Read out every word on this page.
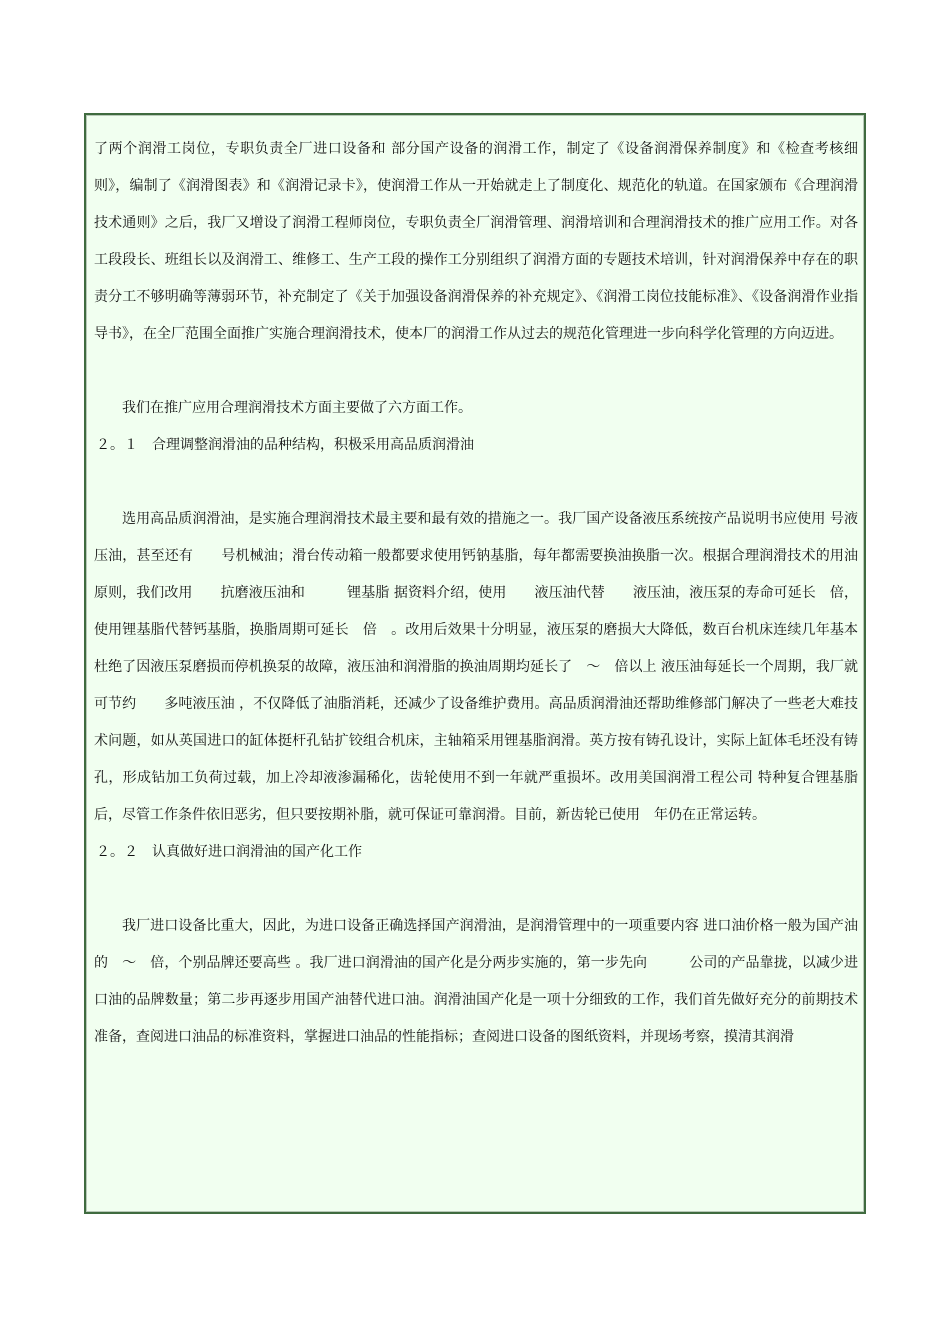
了两个润滑工岗位，专职负责全厂进口设备和 部分国产设备的润滑工作，制定了《设备润滑保养制度》和《检查考核细则》，编制了《润滑图表》和《润滑记录卡》，使润滑工作从一开始就走上了制度化、规范化的轨道。在国家颁布《合理润滑技术通则》之后，我厂又增设了润滑工程师岗位，专职负责全厂润滑管理、润滑培训和合理润滑技术的推广应用工作。对各工段段长、班组长以及润滑工、维修工、生产工段的操作工分别组织了润滑方面的专题技术培训，针对润滑保养中存在的职责分工不够明确等薄弱环节，补充制定了《关于加强设备润滑保养的补充规定》、《润滑工岗位技能标准》、《设备润滑作业指导书》，在全厂范围全面推广实施合理润滑技术，使本厂的润滑工作从过去的规范化管理进一步向科学化管理的方向迈进。

我们在推广应用合理润滑技术方面主要做了六方面工作。

２。１　合理调整润滑油的品种结构，积极采用高品质润滑油

选用高品质润滑油，是实施合理润滑技术最主要和最有效的措施之一。我厂国产设备液压系统按产品说明书应使用 号液压油，甚至还有　　号机械油；滑台传动箱一般都要求使用钙钠基脂，每年都需要换油换脂一次。根据合理润滑技术的用油原则，我们改用　　抗磨液压油和　　　锂基脂 据资料介绍，使用　　液压油代替　　液压油，液压泵的寿命可延长　倍，使用锂基脂代替钙基脂，换脂周期可延长　倍　。改用后效果十分明显，液压泵的磨损大大降低，数百台机床连续几年基本杜绝了因液压泵磨损而停机换泵的故障，液压油和润滑脂的换油周期均延长了　～　倍以上 液压油每延长一个周期，我厂就可节约　　多吨液压油 ，不仅降低了油脂消耗，还减少了设备维护费用。高品质润滑油还帮助维修部门解决了一些老大难技术问题，如从英国进口的缸体挺杆孔钻扩铰组合机床，主轴箱采用锂基脂润滑。英方按有铸孔设计，实际上缸体毛坯没有铸孔，形成钻加工负荷过载，加上冷却液渗漏稀化，齿轮使用不到一年就严重损坏。改用美国润滑工程公司 特种复合锂基脂后，尽管工作条件依旧恶劣，但只要按期补脂，就可保证可靠润滑。目前，新齿轮已使用　年仍在正常运转。

２。２　认真做好进口润滑油的国产化工作

我厂进口设备比重大，因此，为进口设备正确选择国产润滑油，是润滑管理中的一项重要内容 进口油价格一般为国产油的　～　倍，个别品牌还要高些 。我厂进口润滑油的国产化是分两步实施的，第一步先向　　　公司的产品靠拢，以减少进口油的品牌数量；第二步再逐步用国产油替代进口油。润滑油国产化是一项十分细致的工作，我们首先做好充分的前期技术准备，查阅进口油品的标准资料，掌握进口油品的性能指标；查阅进口设备的图纸资料，并现场考察，摸清其润滑
